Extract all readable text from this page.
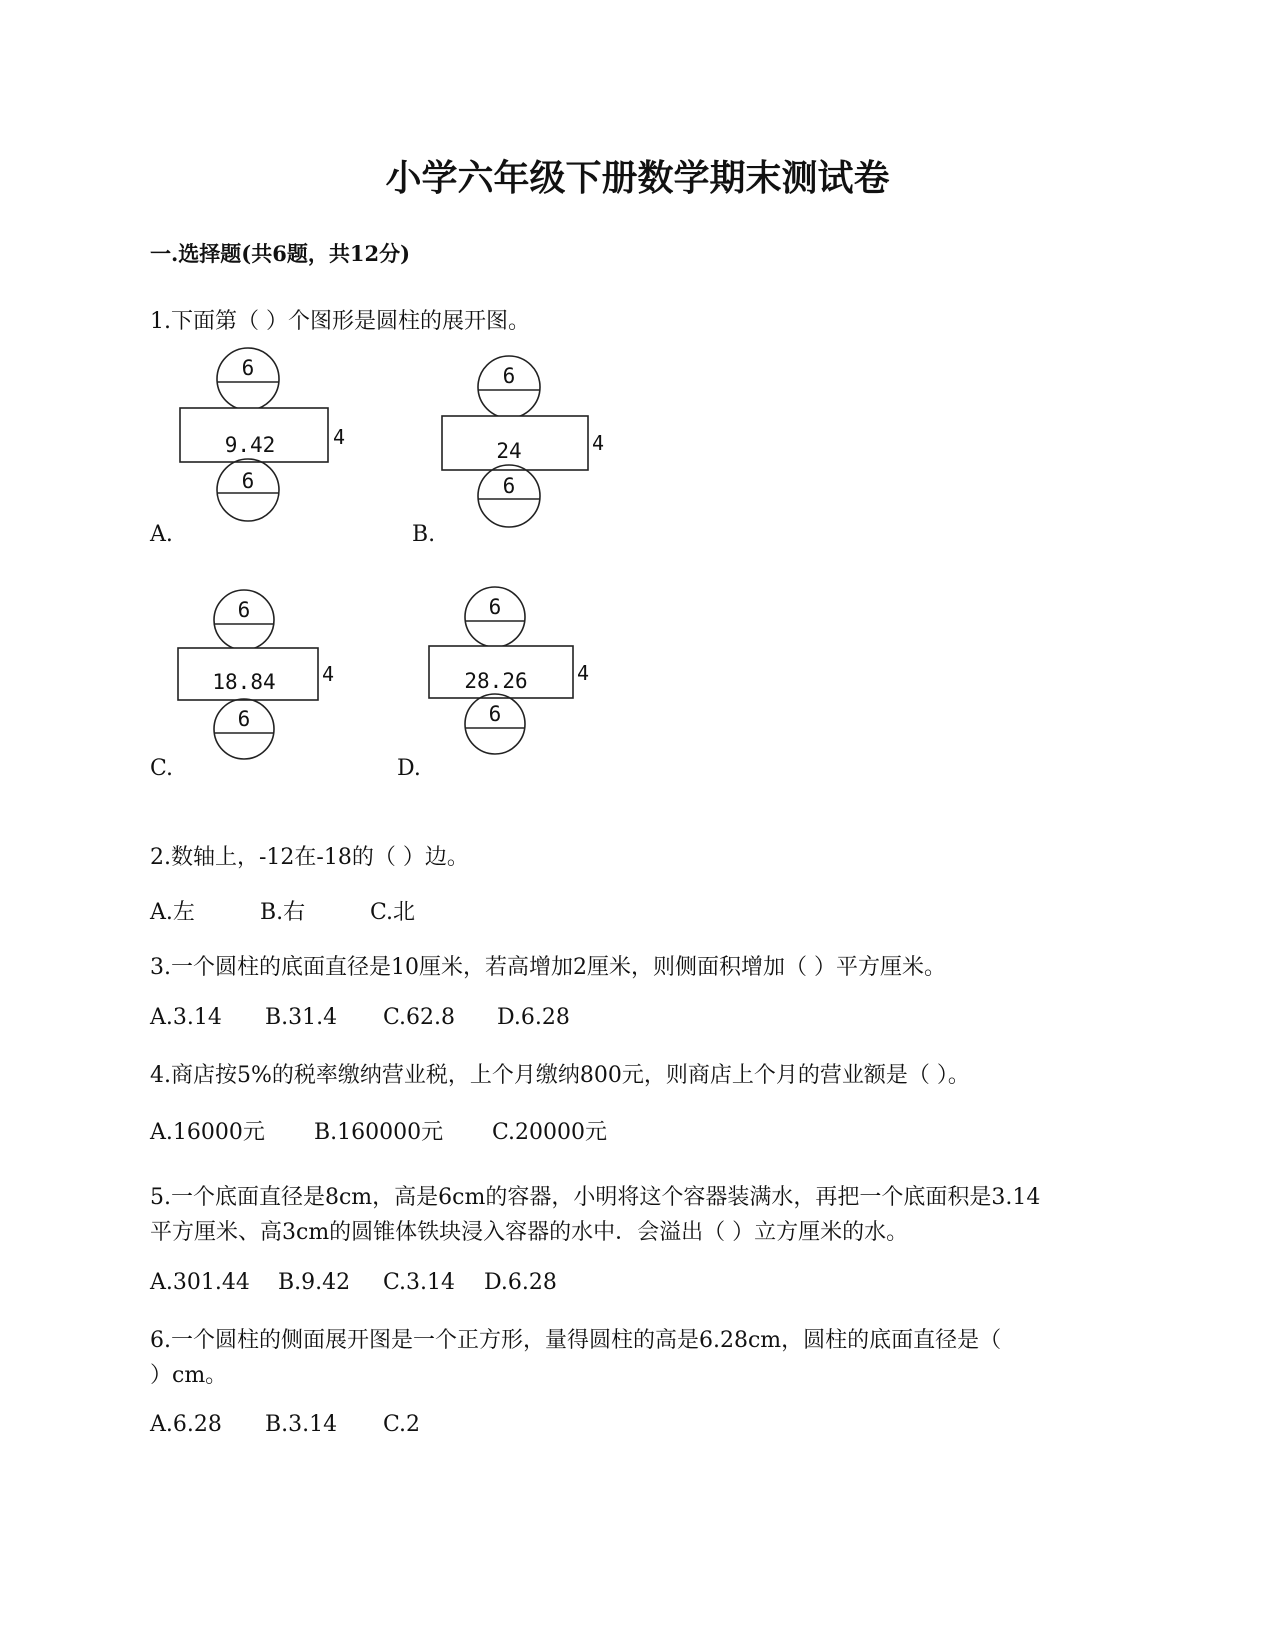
小学六年级下册数学期末测试卷
一.选择题(共6题，共12分)
1.下面第（ ）个图形是圆柱的展开图。
6
9.42	4
6
A.
6
24	4
6
B.
6
18.84 4
6
C.
6
28.26 4
6
D.
2.数轴上，-12在-18的（ ）边。
A.左	B.右	C.北
3.一个圆柱的底面直径是10厘米，若高增加2厘米，则侧面积增加（ ）平方厘米。
A.3.14 B.31.4 C.62.8 D.6.28
4.商店按5%的税率缴纳营业税，上个月缴纳800元，则商店上个月的营业额是（ ）。
A.16000元 B.160000元 C.20000元
5.一个底面直径是8cm，高是6cm的容器，小明将这个容器装满水，再把一个底面积是3.14
平方厘米、高3cm的圆锥体铁块浸入容器的水中．会溢出（ ）立方厘米的水。
A.301.44 B.9.42 C.3.14 D.6.28
6.一个圆柱的侧面展开图是一个正方形，量得圆柱的高是6.28cm，圆柱的底面直径是（
）cm。
A.6.28 B.3.14 C.2
